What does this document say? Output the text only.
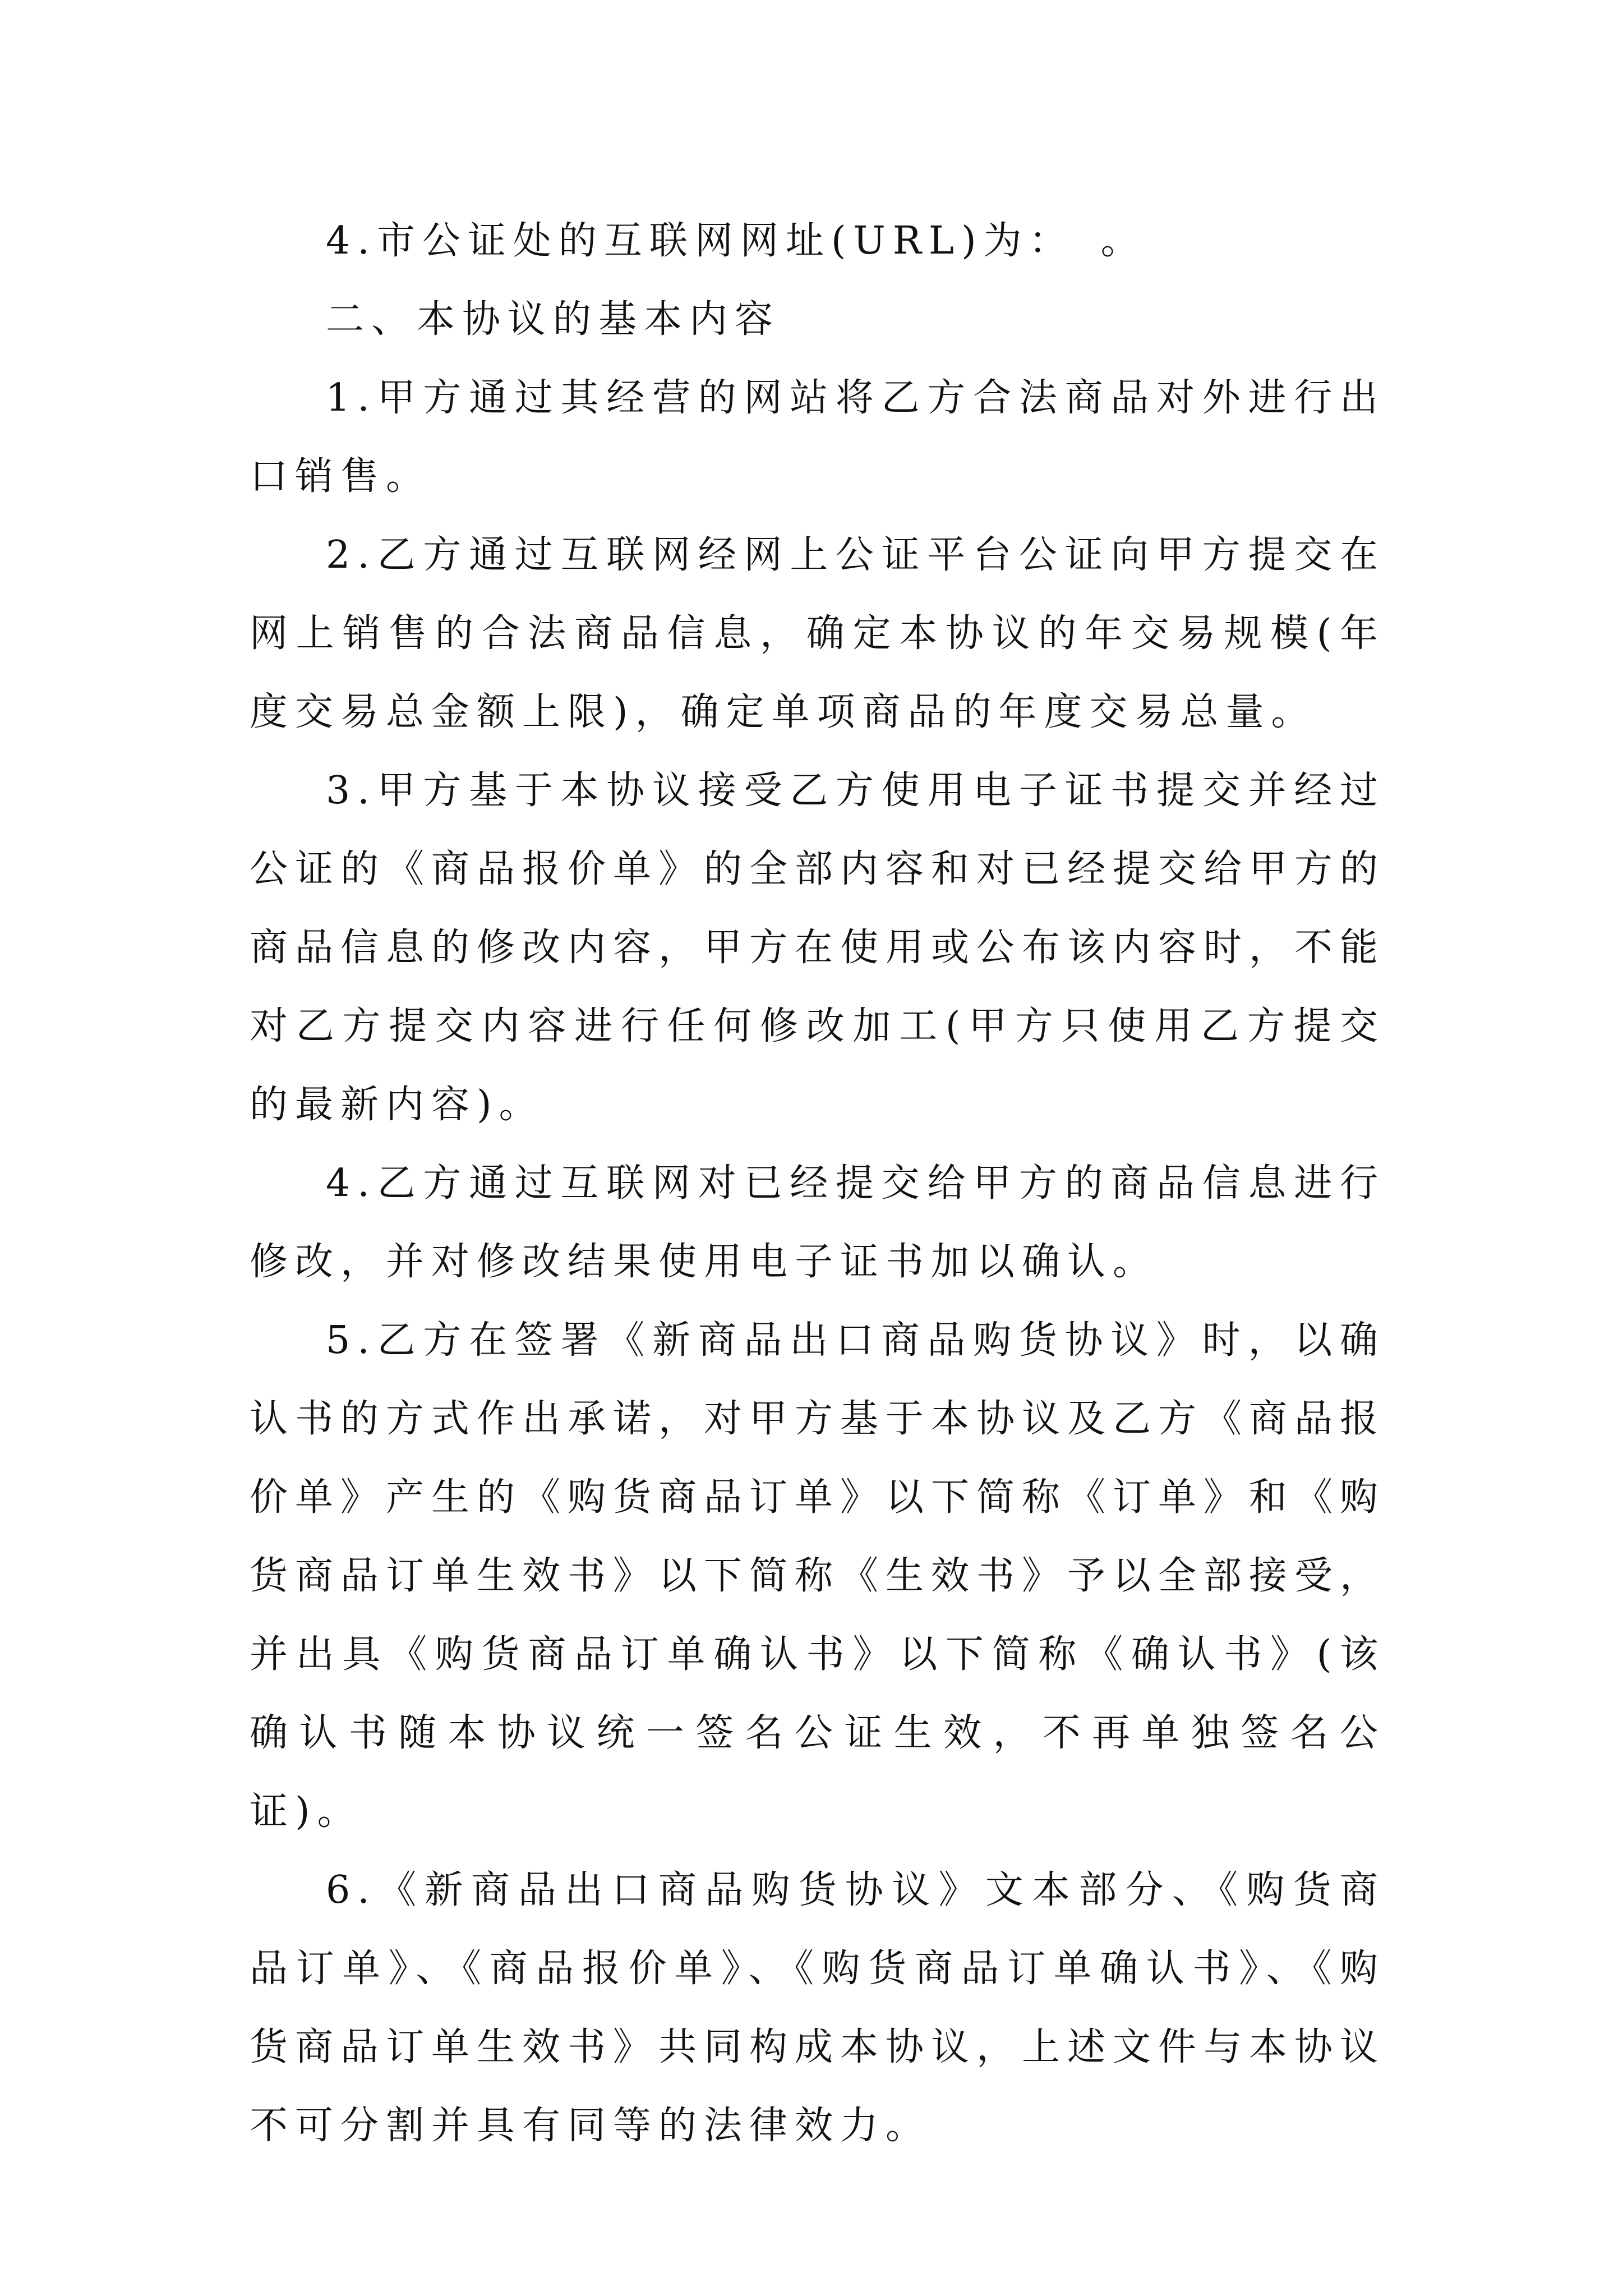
4.市公证处的互联网网址(URL)为：　。

二、本协议的基本内容

1.甲方通过其经营的网站将乙方合法商品对外进行出口销售。

2.乙方通过互联网经网上公证平台公证向甲方提交在网上销售的合法商品信息，确定本协议的年交易规模(年度交易总金额上限)，确定单项商品的年度交易总量。

3.甲方基于本协议接受乙方使用电子证书提交并经过公证的《商品报价单》的全部内容和对已经提交给甲方的商品信息的修改内容，甲方在使用或公布该内容时，不能对乙方提交内容进行任何修改加工(甲方只使用乙方提交的最新内容)。

4.乙方通过互联网对已经提交给甲方的商品信息进行修改，并对修改结果使用电子证书加以确认。

5.乙方在签署《新商品出口商品购货协议》时，以确认书的方式作出承诺，对甲方基于本协议及乙方《商品报价单》产生的《购货商品订单》以下简称《订单》和《购货商品订单生效书》以下简称《生效书》予以全部接受，并出具《购货商品订单确认书》以下简称《确认书》(该确认书随本协议统一签名公证生效，不再单独签名公证)。

6.《新商品出口商品购货协议》文本部分、《购货商品订单》、《商品报价单》、《购货商品订单确认书》、《购货商品订单生效书》共同构成本协议，上述文件与本协议不可分割并具有同等的法律效力。
